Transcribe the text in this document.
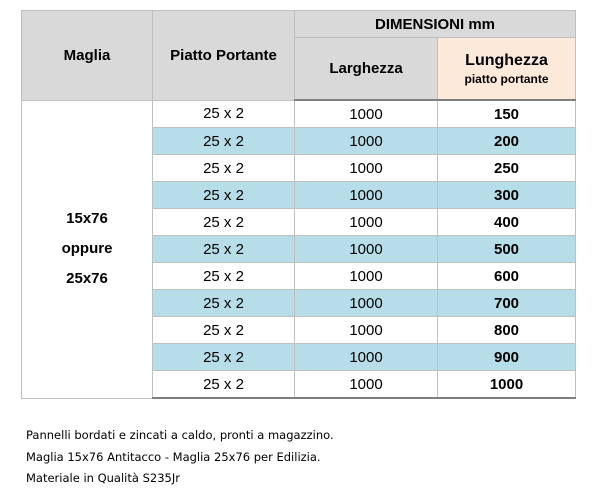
Maglia	Piatto Portante	DIMENSIONI mm	
		Larghezza	Lunghezza
piatto portante

15x76
oppure
25x76	25 x 2	1000	150
	25 x 2	1000	200
	25 x 2	1000	250
	25 x 2	1000	300
	25 x 2	1000	400
	25 x 2	1000	500
	25 x 2	1000	600
	25 x 2	1000	700
	25 x 2	1000	800
	25 x 2	1000	900
	25 x 2	1000	1000
Pannelli bordati e zincati a caldo, pronti a magazzino.
Maglia 15x76 Antitacco - Maglia 25x76 per Edilizia.
Materiale in Qualità S235Jr
